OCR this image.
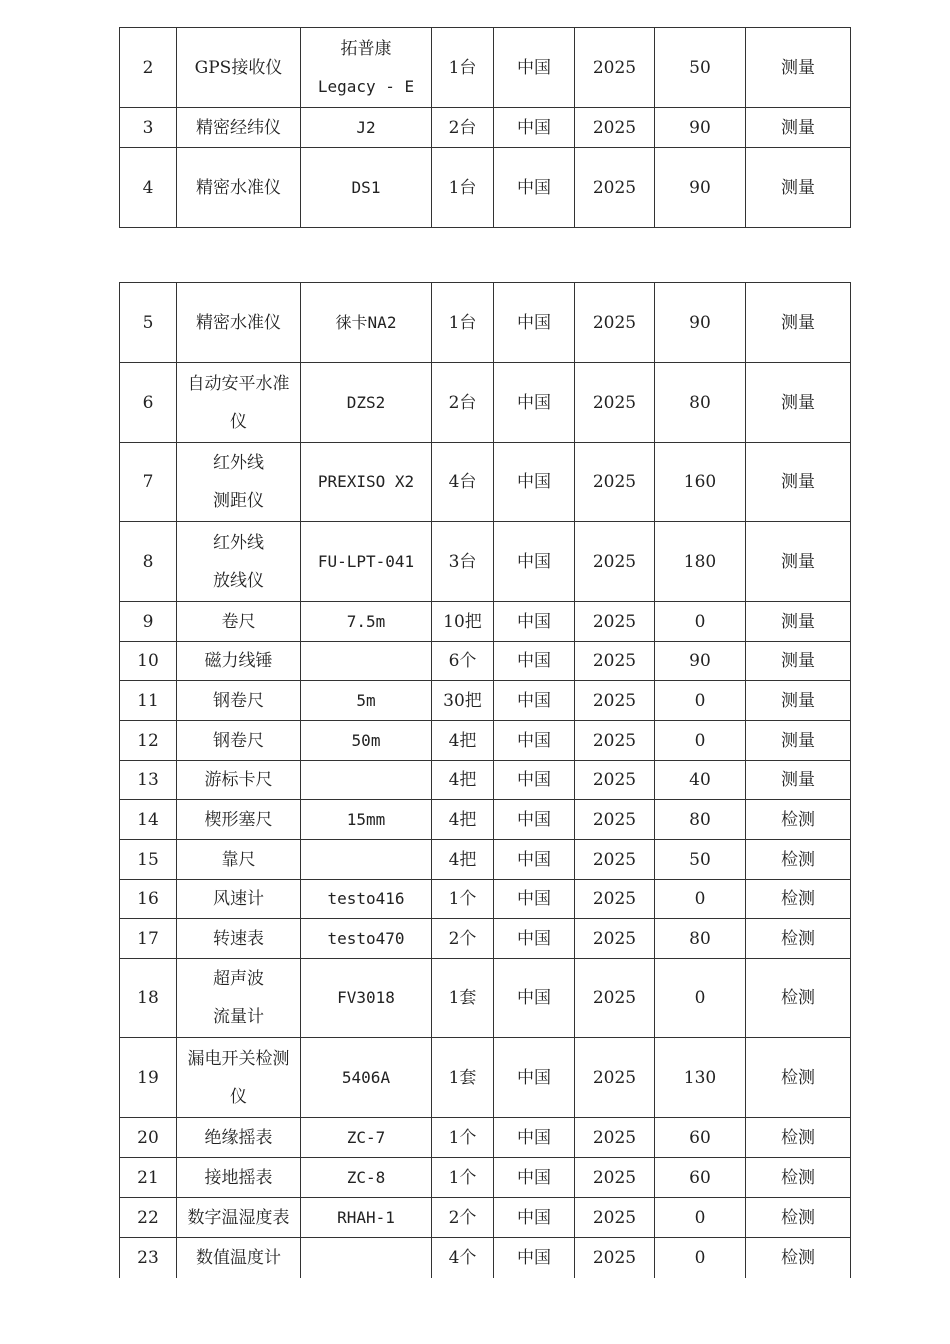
2	GPS接收仪	拓普康
Legacy - E	1台	中国	2025	50	测量
3	精密经纬仪	J2	2台	中国	2025	90	测量
4	精密水准仪	DS1	1台	中国	2025	90	测量
5	精密水准仪	徕卡NA2	1台	中国	2025	90	测量
6	自动安平水准
仪	DZS2	2台	中国	2025	80	测量
7	红外线
测距仪	PREXISO X2	4台	中国	2025	160	测量
8	红外线
放线仪	FU-LPT-041	3台	中国	2025	180	测量
9	卷尺	7.5m	10把	中国	2025	0	测量
10	磁力线锤		6个	中国	2025	90	测量
11	钢卷尺	5m	30把	中国	2025	0	测量
12	钢卷尺	50m	4把	中国	2025	0	测量
13	游标卡尺		4把	中国	2025	40	测量
14	楔形塞尺	15mm	4把	中国	2025	80	检测
15	靠尺		4把	中国	2025	50	检测
16	风速计	testo416	1个	中国	2025	0	检测
17	转速表	testo470	2个	中国	2025	80	检测
18	超声波
流量计	FV3018	1套	中国	2025	0	检测
19	漏电开关检测
仪	5406A	1套	中国	2025	130	检测
20	绝缘摇表	ZC-7	1个	中国	2025	60	检测
21	接地摇表	ZC-8	1个	中国	2025	60	检测
22	数字温湿度表	RHAH-1	2个	中国	2025	0	检测
23	数值温度计		4个	中国	2025	0	检测
